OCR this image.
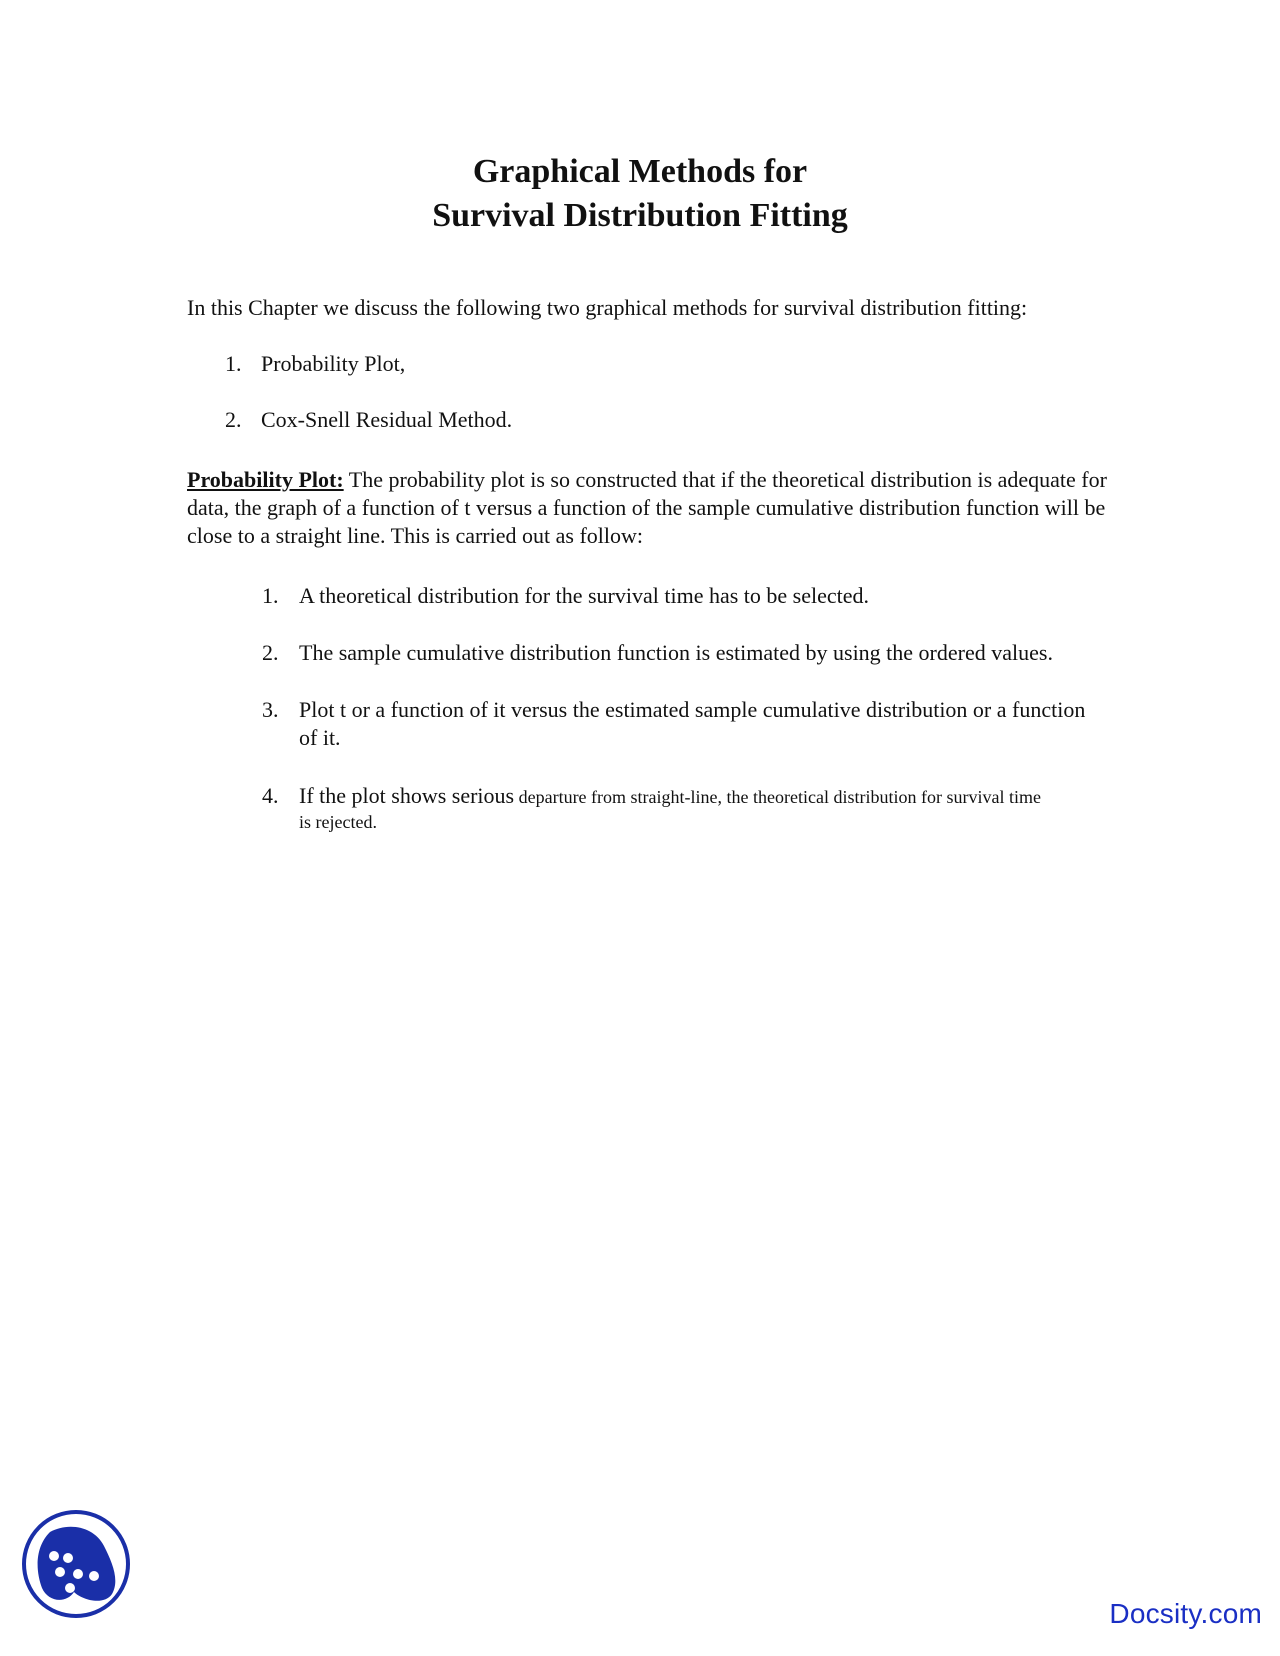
Graphical Methods for
Survival Distribution Fitting
In this Chapter we discuss the following two graphical methods for survival distribution fitting:
1. Probability Plot,
2. Cox-Snell Residual Method.
Probability Plot: The probability plot is so constructed that if the theoretical distribution is adequate for data, the graph of a function of t versus a function of the sample cumulative distribution function will be close to a straight line. This is carried out as follow:
1. A theoretical distribution for the survival time has to be selected.
2. The sample cumulative distribution function is estimated by using the ordered values.
3. Plot t or a function of it versus the estimated sample cumulative distribution or a function of it.
4. If the plot shows serious departure from straight-line, the theoretical distribution for survival time
is rejected.
Docsity.com
